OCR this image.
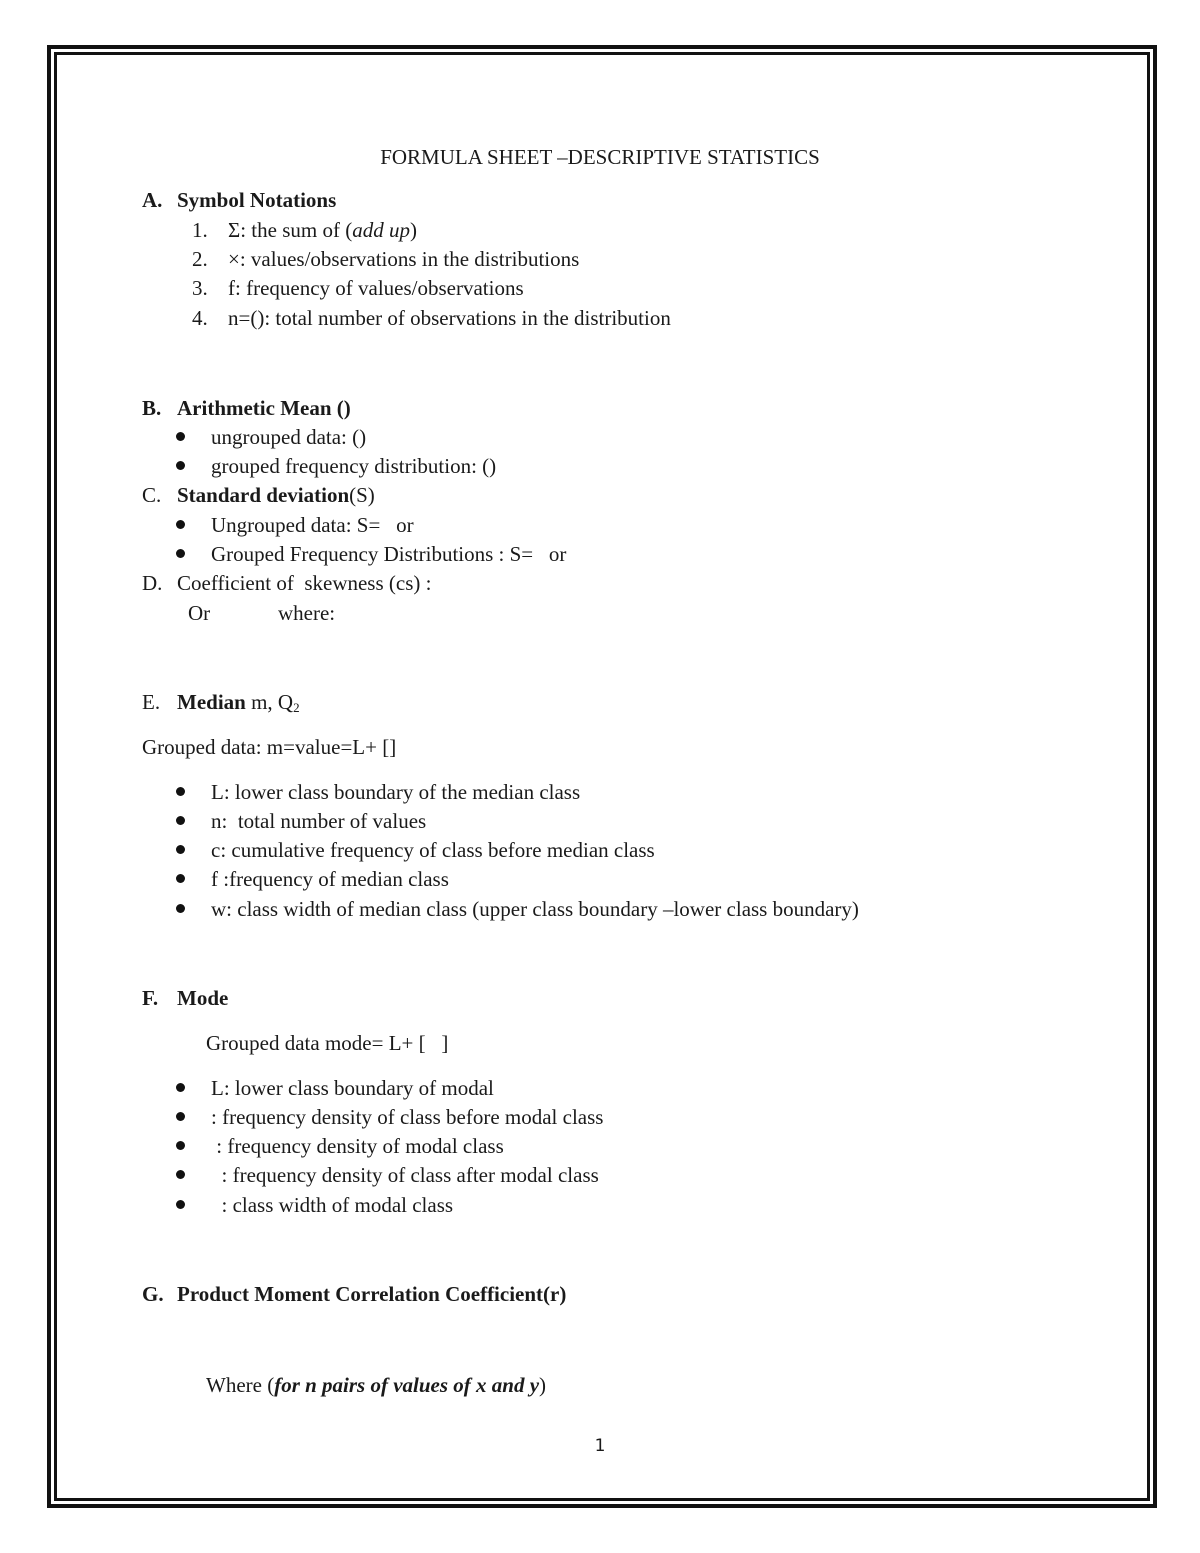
FORMULA SHEET –DESCRIPTIVE STATISTICS
A. Symbol Notations
1. Σ: the sum of (add up)
2. ×: values/observations in the distributions
3. f: frequency of values/observations
4. n=(): total number of observations in the distribution
B. Arithmetic Mean ()
ungrouped data: ()
grouped frequency distribution: ()
C. Standard deviation(S)
Ungrouped data: S=   or
Grouped Frequency Distributions : S=   or
D. Coefficient of  skewness (cs) :
Or	where:
E. Median m, $Q_2$
Grouped data: m=value=L+ []
L: lower class boundary of the median class
n:  total number of values
c: cumulative frequency of class before median class
f :frequency of median class
w: class width of median class (upper class boundary –lower class boundary)
F. Mode
Grouped data mode= L+ [   ]
L: lower class boundary of modal
: frequency density of class before modal class
: frequency density of modal class
: frequency density of class after modal class
: class width of modal class
G. Product Moment Correlation Coefficient(r)
Where (for n pairs of values of x and y)
1
